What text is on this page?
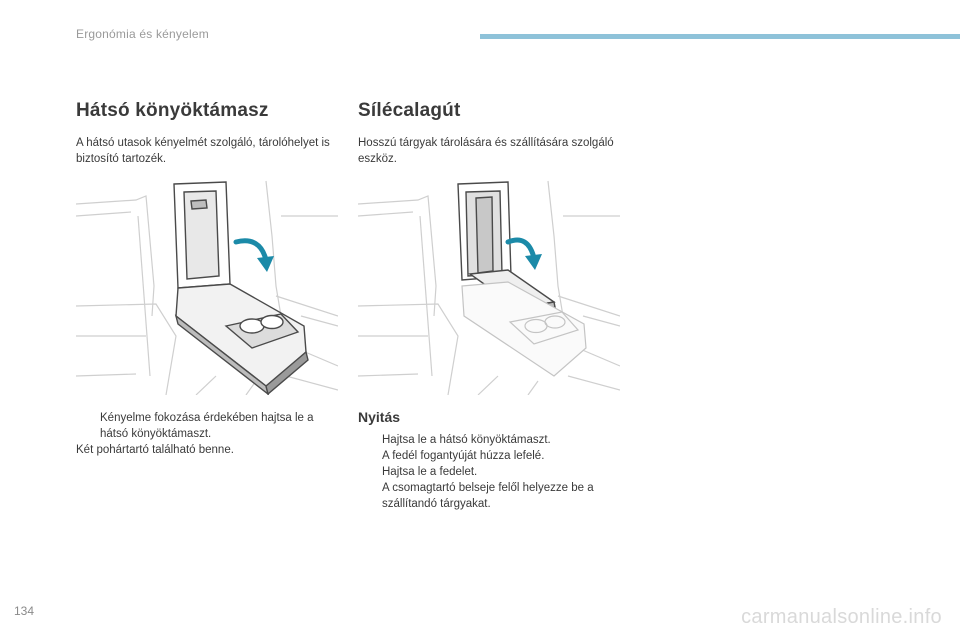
Ergonómia és kényelem
Hátsó könyöktámasz

A hátsó utasok kényelmét szolgáló, tárolóhelyet is biztosító tartozék.

Kényelme fokozása érdekében hajtsa le a hátsó könyöktámaszt.

Két pohártartó található benne.

Sílécalagút

Hosszú tárgyak tárolására és szállítására szolgáló eszköz.

Nyitás
Hajtsa le a hátsó könyöktámaszt.
A fedél fogantyúját húzza lefelé.
Hajtsa le a fedelet.
A csomagtartó belseje felől helyezze be a szállítandó tárgyakat.
134	carmanualsonline.info
